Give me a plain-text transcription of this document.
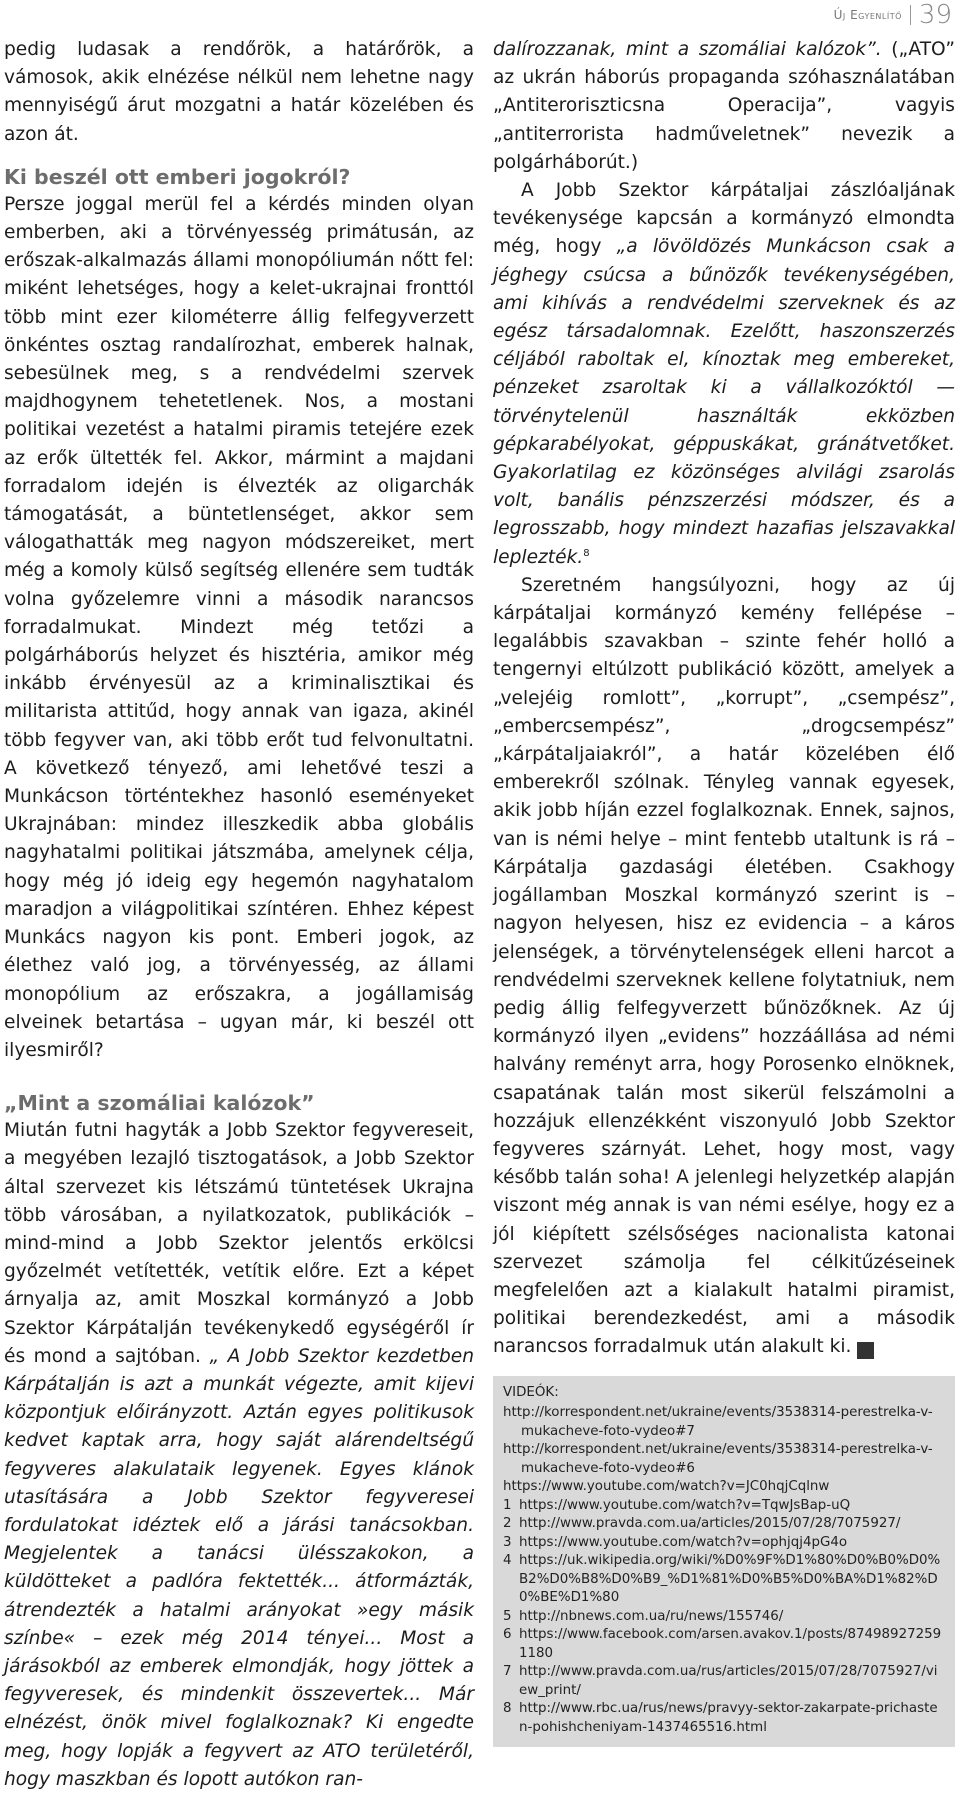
Új Egyenlítő 39

pedig ludasak a rendőrök, a határőrök, a vámosok, akik elnézése nélkül nem lehetne nagy mennyiségű árut mozgatni a határ közelében és azon át.

Ki beszél ott emberi jogokról?

Persze joggal merül fel a kérdés minden olyan emberben, aki a törvényesség primátusán, az erőszak-alkalmazás állami monopóliumán nőtt fel: miként lehetséges, hogy a kelet-ukrajnai fronttól több mint ezer kilométerre állig felfegyverzett önkéntes osztag randalírozhat, emberek halnak, sebesülnek meg, s a rendvédelmi szervek majdhogynem tehetetlenek. Nos, a mostani politikai vezetést a hatalmi piramis tetejére ezek az erők ültették fel. Akkor, mármint a majdani forradalom idején is élvezték az oligarchák támogatását, a büntetlenséget, akkor sem válogathatták meg nagyon módszereiket, mert még a komoly külső segítség ellenére sem tudták volna győzelemre vinni a második narancsos forradalmukat. Mindezt még tetőzi a polgárháborús helyzet és hisztéria, amikor még inkább érvényesül az a kriminalisztikai és militarista attitűd, hogy annak van igaza, akinél több fegyver van, aki több erőt tud felvonultatni. A következő tényező, ami lehetővé teszi a Munkácson történtekhez hasonló eseményeket Ukrajnában: mindez illeszkedik abba globális nagyhatalmi politikai játszmába, amelynek célja, hogy még jó ideig egy hegemón nagyhatalom maradjon a világpolitikai színtéren. Ehhez képest Munkács nagyon kis pont. Emberi jogok, az élethez való jog, a törvényesség, az állami monopólium az erőszakra, a jogállamiság elveinek betartása – ugyan már, ki beszél ott ilyesmiről?

„Mint a szomáliai kalózok”

Miután futni hagyták a Jobb Szektor fegyvereseit, a megyében lezajló tisztogatások, a Jobb Szektor által szervezet kis létszámú tüntetések Ukrajna több városában, a nyilatkozatok, publikációk – mind-mind a Jobb Szektor jelentős erkölcsi győzelmét vetítették, vetítik előre. Ezt a képet árnyalja az, amit Moszkal kormányzó a Jobb Szektor Kárpátalján tevékenykedő egységéről ír és mond a sajtóban. „ A Jobb Szektor kezdetben Kárpátalján is azt a munkát végezte, amit kijevi központjuk előirányzott. Aztán egyes politikusok kedvet kaptak arra, hogy saját alárendeltségű fegyveres alakulataik legyenek. Egyes klánok utasítására a Jobb Szektor fegyveresei fordulatokat idéztek elő a járási tanácsokban. Megjelentek a tanácsi ülésszakokon, a küldötteket a padlóra fektették... átformázták, átrendezték a hatalmi arányokat »egy másik színbe« – ezek még 2014 tényei... Most a járásokból az emberek elmondják, hogy jöttek a fegyveresek, és mindenkit összevertek... Már elnézést, önök mivel foglalkoznak? Ki engedte meg, hogy lopják a fegyvert az ATO területéről, hogy maszkban és lopott autókon ran-

dalírozzanak, mint a szomáliai kalózok”. („ATO” az ukrán háborús propaganda szóhasználatában „Antiteroriszticsna Operacija”, vagyis „antiterrorista hadműveletnek” nevezik a polgárháborút.)

A Jobb Szektor kárpátaljai zászlóaljának tevékenysége kapcsán a kormányzó elmondta még, hogy „a lövöldözés Munkácson csak a jéghegy csúcsa a bűnözők tevékenységében, ami kihívás a rendvédelmi szerveknek és az egész társadalomnak. Ezelőtt, haszonszerzés céljából raboltak el, kínoztak meg embereket, pénzeket zsaroltak ki a vállalkozóktól — törvénytelenül használták ekközben gépkarabélyokat, géppuskákat, gránátvetőket. Gyakorlatilag ez közönséges alvilági zsarolás volt, banális pénzszerzési módszer, és a legrosszabb, hogy mindezt hazafias jelszavakkal leplezték.$^8$

Szeretném hangsúlyozni, hogy az új kárpátaljai kormányzó kemény fellépése – legalábbis szavakban – szinte fehér holló a tengernyi eltúlzott publikáció között, amelyek a „velejéig romlott”, „korrupt”, „csempész”, „embercsempész”, „drogcsempész” „kárpátaljaiakról”, a határ közelében élő emberekről szólnak. Tényleg vannak egyesek, akik jobb híján ezzel foglalkoznak. Ennek, sajnos, van is némi helye – mint fentebb utaltunk is rá – Kárpátalja gazdasági életében. Csakhogy jogállamban Moszkal kormányzó szerint is – nagyon helyesen, hisz ez evidencia – a káros jelenségek, a törvénytelenségek elleni harcot a rendvédelmi szerveknek kellene folytatniuk, nem pedig állig felfegyverzett bűnözőknek. Az új kormányzó ilyen „evidens” hozzáállása ad némi halvány reményt arra, hogy Porosenko elnöknek, csapatának talán most sikerül felszámolni a hozzájuk ellenzékként viszonyuló Jobb Szektor fegyveres szárnyát. Lehet, hogy most, vagy később talán soha! A jelenlegi helyzetkép alapján viszont még annak is van némi esélye, hogy ez a jól kiépített szélsőséges nacionalista katonai szervezet számolja fel célkitűzéseinek megfelelően azt a kialakult hatalmi piramist, politikai berendezkedést, ami a második narancsos forradalmuk után alakult ki.	E

VIDEÓK:
http://korrespondent.net/ukraine/events/3538314-perestrelka-v-mukacheve-foto-vydeo#7
http://korrespondent.net/ukraine/events/3538314-perestrelka-v-mukacheve-foto-vydeo#6
https://www.youtube.com/watch?v=JC0hqjCqlnw
1 https://www.youtube.com/watch?v=TqwJsBap-uQ
2 http://www.pravda.com.ua/articles/2015/07/28/7075927/
3 https://www.youtube.com/watch?v=ophjqj4pG4o
4 https://uk.wikipedia.org/wiki/%D0%9F%D1%80%D0%B0%D0%B2%D0%B8%D0%B9_%D1%81%D0%B5%D0%BA%D1%82%D0%BE%D1%80
5 http://nbnews.com.ua/ru/news/155746/
6 https://www.facebook.com/arsen.avakov.1/posts/874989272591180
7 http://www.pravda.com.ua/rus/articles/2015/07/28/7075927/view_print/
8 http://www.rbc.ua/rus/news/pravyy-sektor-zakarpate-prichasten-pohishcheniyam-1437465516.html
